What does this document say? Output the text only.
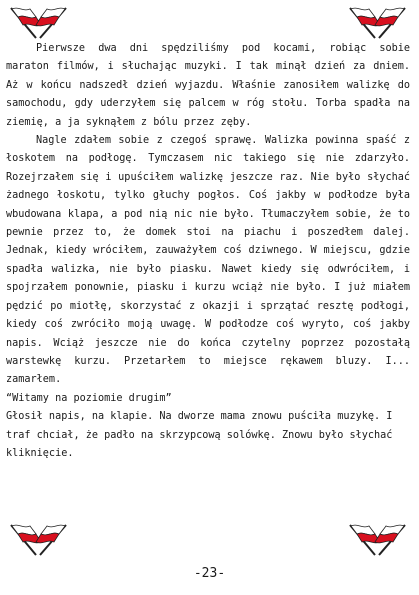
Pierwsze dwa dni spędziliśmy pod kocami, robiąc sobie maraton filmów, i słuchając muzyki. I tak minął dzień za dniem. Aż w końcu nadszedł dzień wyjazdu. Właśnie zanosiłem walizkę do samochodu, gdy uderzyłem się palcem w róg stołu. Torba spadła na ziemię, a ja syknąłem z bólu przez zęby.

Nagle zdałem sobie z czegoś sprawę. Walizka powinna spaść z łoskotem na podłogę. Tymczasem nic takiego się nie zdarzyło. Rozejrzałem się i upuściłem walizkę jeszcze raz. Nie było słychać żadnego łoskotu, tylko głuchy pogłos. Coś jakby w podłodze była wbudowana klapa, a pod nią nic nie było. Tłumaczyłem sobie, że to pewnie przez to, że domek stoi na piachu i poszedłem dalej. Jednak, kiedy wróciłem, zauważyłem coś dziwnego. W miejscu, gdzie spadła walizka, nie było piasku. Nawet kiedy się odwróciłem, i spojrzałem ponownie, piasku i kurzu wciąż nie było. I już miałem pędzić po miotłę, skorzystać z okazji i sprzątać resztę podłogi, kiedy coś zwróciło moją uwagę. W podłodze coś wyryto, coś jakby napis. Wciąż jeszcze nie do końca czytelny poprzez pozostałą warstewkę kurzu. Przetarłem to miejsce rękawem bluzy. I... zamarłem.

“Witamy na poziomie drugim”

Głosił napis, na klapie. Na dworze mama znowu puściła muzykę. I traf chciał, że padło na skrzypcową solówkę. Znowu było słychać kliknięcie.

-23-
